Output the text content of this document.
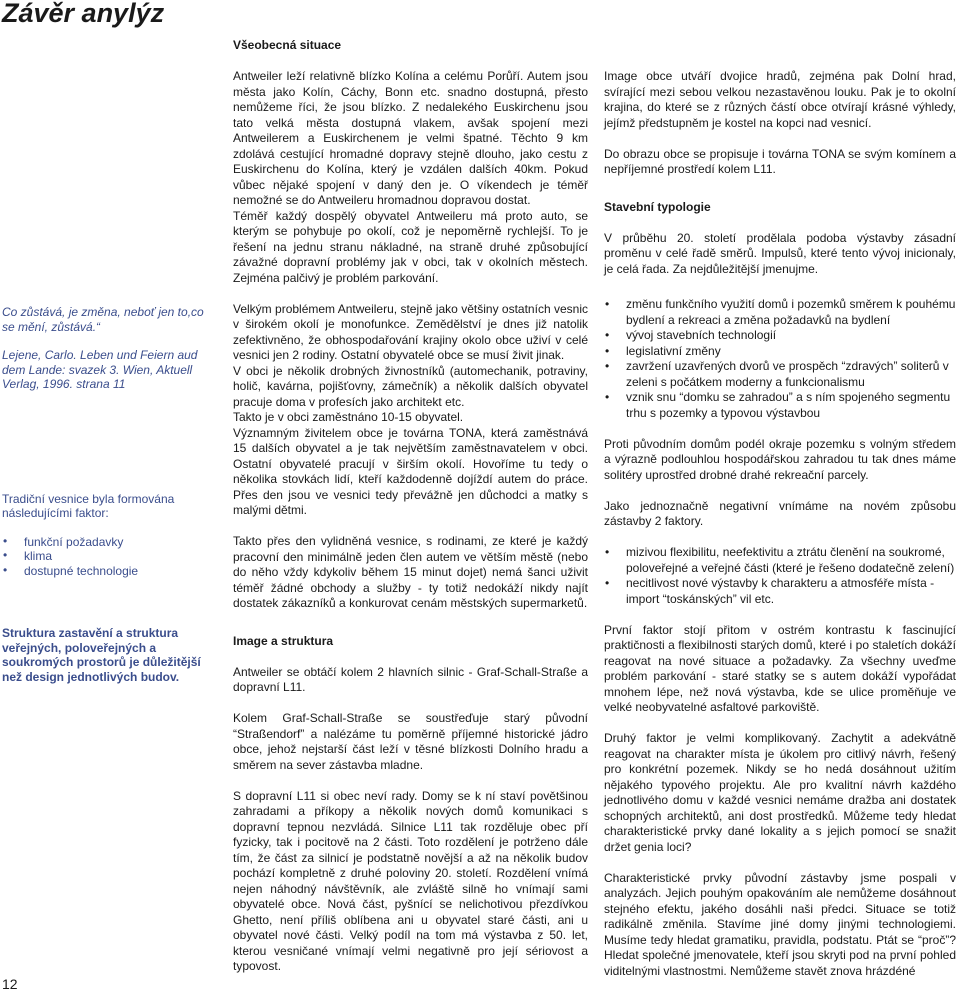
Závěr anylýz

Co zůstává, je změna, neboť jen to,co se mění, zůstává.“

Lejene, Carlo. Leben und Feiern aud dem Lande: svazek 3. Wien, Aktuell Verlag, 1996. strana 11

Tradiční vesnice byla formována následujícími faktor:

• funkční požadavky
• klima
• dostupné technologie

Struktura zastavění a struktura veřejných, poloveřejných a soukromých prostorů je důležitější než design jednotlivých budov.

Všeobecná situace

Antweiler leží relativně blízko Kolína a celému Porůří. Autem jsou města jako Kolín, Cáchy, Bonn etc. snadno dostupná, přesto nemůžeme říci, že jsou blízko. Z nedalekého Euskirchenu jsou tato velká města dostupná vlakem, avšak spojení mezi Antweilerem a Euskirchenem je velmi špatné. Těchto 9 km zdolává cestující hromadné dopravy stejně dlouho, jako cestu z Euskirchenu do Kolína, který je vzdálen dalších 40km. Pokud vůbec nějaké spojení v daný den je. O víkendech je téměř nemožné se do Antweileru hromadnou dopravou dostat.

Téměř každý dospělý obyvatel Antweileru má proto auto, se kterým se pohybuje po okolí, což je nepoměrně rychlejší. To je řešení na jednu stranu nákladné, na straně druhé způsobující závažné dopravní problémy jak v obci, tak v okolních městech. Zejména palčivý je problém parkování.

Velkým problémem Antweileru, stejně jako většiny ostatních vesnic v širokém okolí je monofunkce. Zemědělství je dnes již natolik zefektivněno, že obhospodařování krajiny okolo obce uživí v celé vesnici jen 2 rodiny. Ostatní obyvatelé obce se musí živit jinak.

V obci je několik drobných živnostníků (automechanik, potraviny, holič, kavárna, pojišťovny, zámečník) a několik dalších obyvatel pracuje doma v profesích jako architekt etc.

Takto je v obci zaměstnáno 10-15 obyvatel.

Významným živitelem obce je továrna TONA, která zaměstnává 15 dalších obyvatel a je tak největším zaměstnavatelem v obci. Ostatní obyvatelé pracují v širším okolí. Hovoříme tu tedy o několika stovkách lidí, kteří každodenně dojíždí autem do práce. Přes den jsou ve vesnici tedy převážně jen důchodci a matky s malými dětmi.

Takto přes den vylidněná vesnice, s rodinami, ze které je každý pracovní den minimálně jeden člen autem ve větším městě (nebo do něho vždy kdykoliv během 15 minut dojet) nemá šanci uživit téměř žádné obchody a služby - ty totiž nedokáží nikdy najít dostatek zákazníků a konkurovat cenám městských supermarketů.

Image a struktura

Antweiler se obtáčí kolem 2 hlavních silnic - Graf-Schall-Straße a dopravní L11.

Kolem Graf-Schall-Straße se soustřeďuje starý původní “Straßendorf” a nalézáme tu poměrně příjemné historické jádro obce, jehož nejstarší část leží v těsné blízkosti Dolního hradu a směrem na sever zástavba mladne.

S dopravní L11 si obec neví rady. Domy se k ní staví povětšinou zahradami a příkopy a několik nových domů komunikaci s dopravní tepnou nezvládá. Silnice L11 tak rozděluje obec pří fyzicky, tak i pocitově na 2 části. Toto rozdělení je potrženo dále tím, že část za silnicí je podstatně novější a až na několik budov pochází kompletně z druhé poloviny 20. století. Rozdělení vnímá nejen náhodný návštěvník, ale zvláště silně ho vnímají sami obyvatelé obce. Nová část, pyšnící se nelichotivou přezdívkou Ghetto, není příliš oblíbena ani u obyvatel staré části, ani u obyvatel nové části. Velký podíl na tom má výstavba z 50. let, kterou vesničané vnímají velmi negativně pro její sériovost a typovost.

Image obce utváří dvojice hradů, zejména pak Dolní hrad, svírající mezi sebou velkou nezastavěnou louku. Pak je to okolní krajina, do které se z různých částí obce otvírají krásné výhledy, jejímž předstupněm je kostel na kopci nad vesnicí.

Do obrazu obce se propisuje i továrna TONA se svým komínem a nepříjemné prostředí kolem L11.

Stavební typologie

V průběhu 20. století prodělala podoba výstavby zásadní proměnu v celé řadě směrů. Impulsů, které tento vývoj inicionaly, je celá řada. Za nejdůležitější jmenujme.

• změnu funkčního využití domů i pozemků směrem k pouhému bydlení a rekreaci a změna požadavků na bydlení
• vývoj stavebních technologií
• legislativní změny
• zavržení uzavřených dvorů ve prospěch “zdravých” soliterů v zeleni s počátkem moderny a funkcionalismu
• vznik snu “domku se zahradou” a s ním spojeného segmentu trhu s pozemky a typovou výstavbou

Proti původním domům podél okraje pozemku s volným středem a výrazně podlouhlou hospodářskou zahradou tu tak dnes máme solitéry uprostřed drobné drahé rekreační parcely.

Jako jednoznačně negativní vnímáme na novém způsobu zástavby 2 faktory.

• mizivou flexibilitu, neefektivitu a ztrátu členění na soukromé, poloveřejné a veřejné části (které je řešeno dodatečně zelení)
• necitlivost nové výstavby k charakteru a atmosféře místa - import “toskánských” vil etc.

První faktor stojí přitom v ostrém kontrastu k fascinující praktičnosti a flexibilnosti starých domů, které i po staletích dokáží reagovat na nové situace a požadavky. Za všechny uveďme problém parkování - staré statky se s autem dokáží vypořádat mnohem lépe, než nová výstavba, kde se ulice proměňuje ve velké neobyvatelné asfaltové parkoviště.

Druhý faktor je velmi komplikovaný. Zachytit a adekvátně reagovat na charakter místa je úkolem pro citlivý návrh, řešený pro konkrétní pozemek. Nikdy se ho nedá dosáhnout užitím nějakého typového projektu. Ale pro kvalitní návrh každého jednotlivého domu v každé vesnici nemáme dražba ani dostatek schopných architektů, ani dost prostředků. Můžeme tedy hledat charakteristické prvky dané lokality a s jejich pomocí se snažit držet genia loci?

Charakteristické prvky původní zástavby jsme pospali v analyzách. Jejich pouhým opakováním ale nemůžeme dosáhnout stejného efektu, jakého dosáhli naši předci. Situace se totiž radikálně změnila. Stavíme jiné domy jinými technologiemi. Musíme tedy hledat gramatiku, pravidla, podstatu. Ptát se “proč”? Hledat společné jmenovatele, kteří jsou skryti pod na první pohled viditelnými vlastnostmi. Nemůžeme stavět znova hrázdéné

12
